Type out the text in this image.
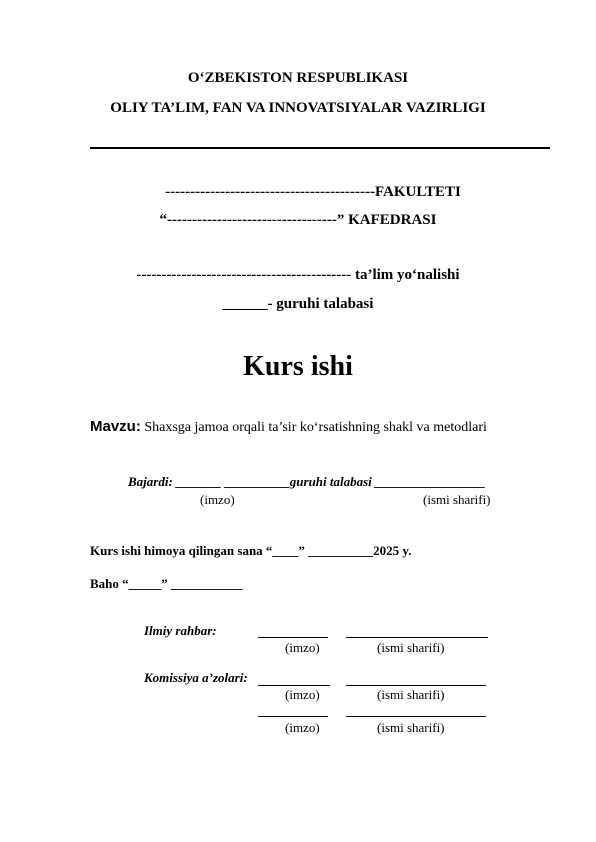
O‘ZBEKISTON RESPUBLIKASI
OLIY TA’LIM, FAN VA INNOVATSIYALAR VAZIRLIGI
------------------------------------------FAKULTETI
“----------------------------------” KAFEDRASI
------------------------------------------- ta’lim yo‘nalishi
______- guruhi talabasi
Kurs ishi
Mavzu: Shaxsga jamoa orqali ta’sir ko‘rsatishning shakl va metodlari
Bajardi: _______ __________guruhi talabasi _________________
(imzo)	(ismi sharifi)
Kurs ishi himoya qilingan sana “____” __________2025 y.
Baho “_____” ___________
Ilmiy rahbar:
(imzo)	(ismi sharifi)
Komissiya a’zolari:
(imzo)	(ismi sharifi)
(imzo)	(ismi sharifi)
